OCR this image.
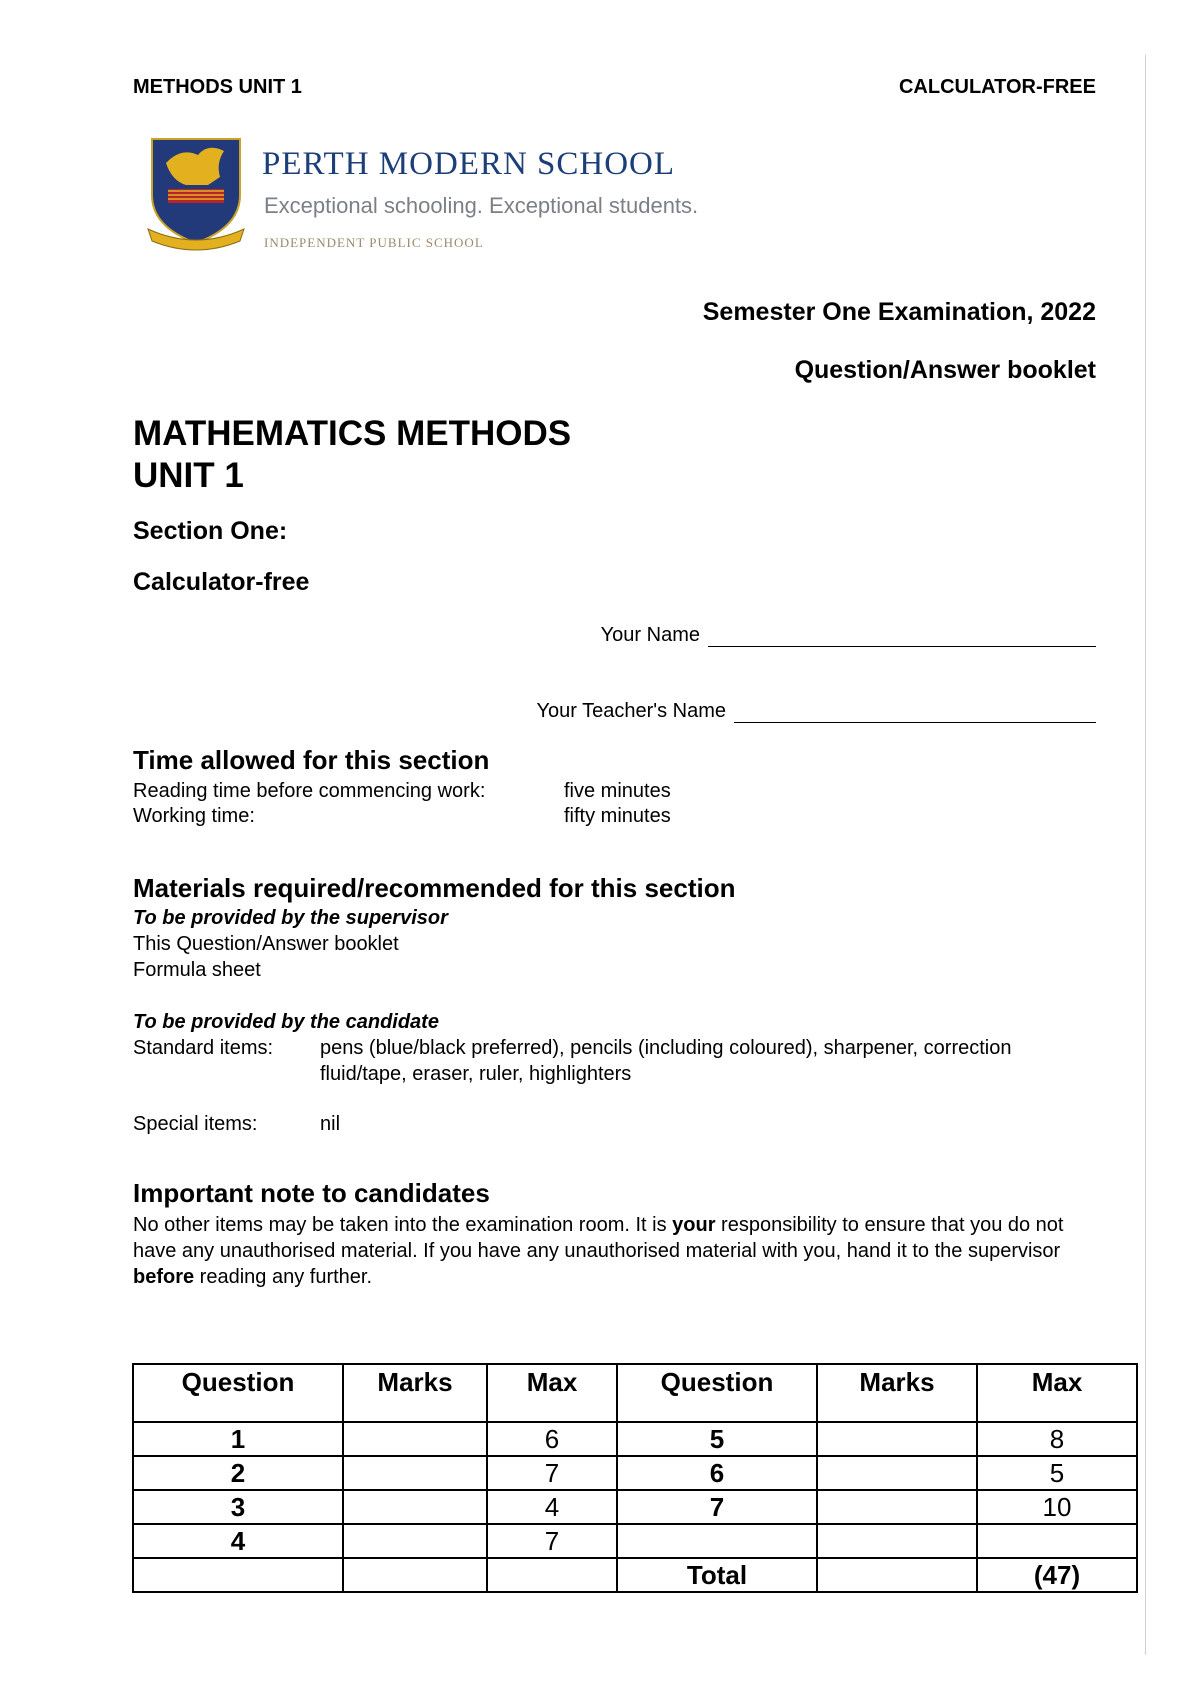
METHODS UNIT 1	CALCULATOR-FREE
PERTH MODERN SCHOOL
Exceptional schooling. Exceptional students.
INDEPENDENT PUBLIC SCHOOL
Semester One Examination, 2022
Question/Answer booklet
MATHEMATICS METHODS
UNIT 1
Section One:
Calculator-free
Your Name
Your Teacher's Name
Time allowed for this section
Reading time before commencing work:	five minutes
Working time:	fifty minutes
Materials required/recommended for this section
To be provided by the supervisor
This Question/Answer booklet
Formula sheet
To be provided by the candidate
Standard items: pens (blue/black preferred), pencils (including coloured), sharpener, correction
fluid/tape, eraser, ruler, highlighters
Special items:	nil
Important note to candidates
No other items may be taken into the examination room. It is your responsibility to ensure that you do not have any unauthorised material. If you have any unauthorised material with you, hand it to the supervisor before reading any further.
Question	Marks	Max	Question	Marks	Max
1		6	5		8
2		7	6		5
3		4	7		10
4		7			
			Total		(47)
